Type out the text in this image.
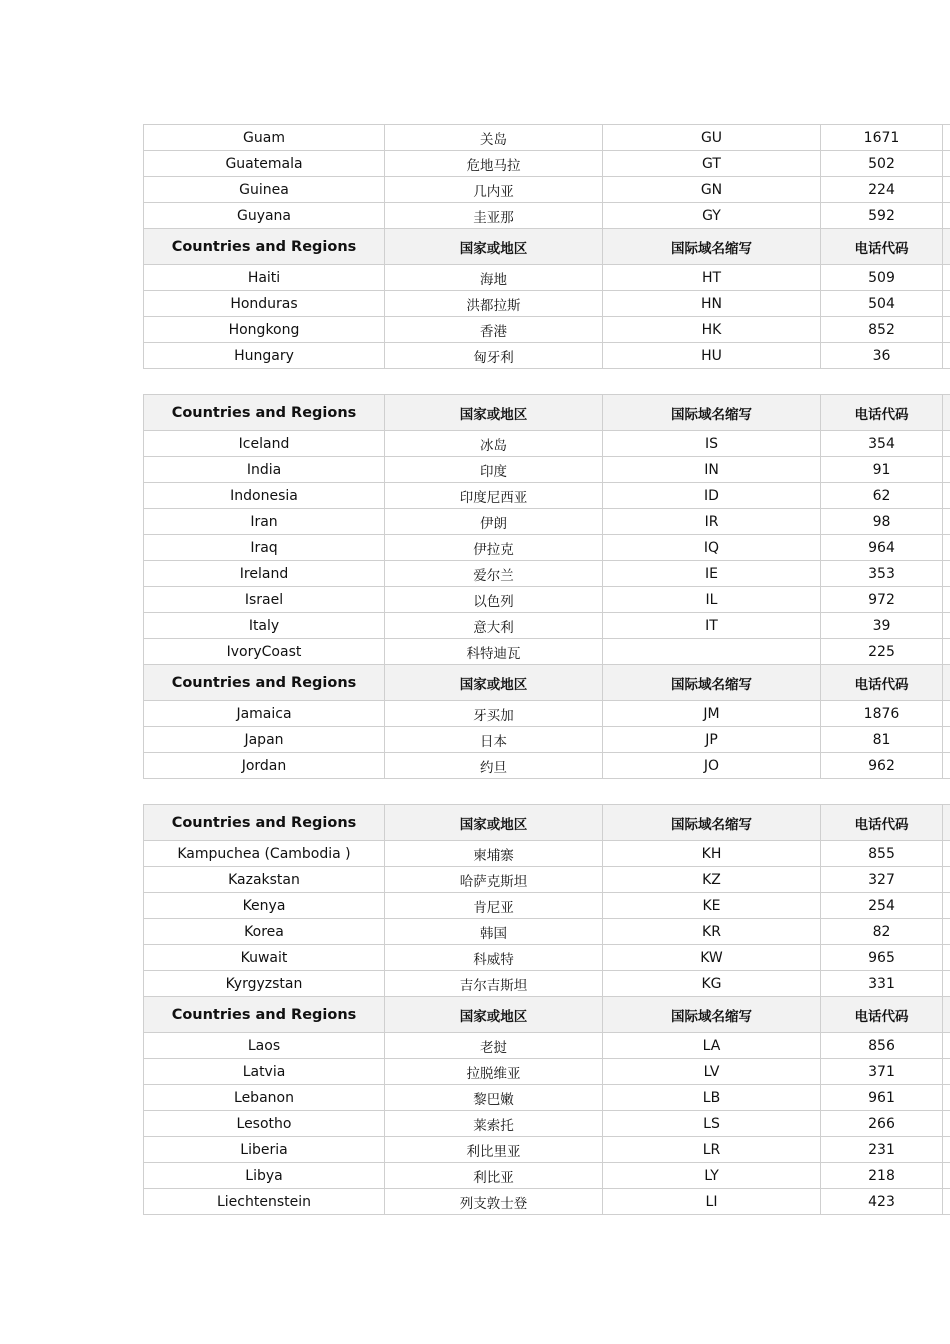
Guam	关岛	GU	1671	
Guatemala	危地马拉	GT	502	
Guinea	几内亚	GN	224	
Guyana	圭亚那	GY	592	
Countries and Regions	国家或地区	国际域名缩写	电话代码	
Haiti	海地	HT	509	
Honduras	洪都拉斯	HN	504	
Hongkong	香港	HK	852	
Hungary	匈牙利	HU	36	

Countries and Regions	国家或地区	国际域名缩写	电话代码	
Iceland	冰岛	IS	354	
India	印度	IN	91	
Indonesia	印度尼西亚	ID	62	
Iran	伊朗	IR	98	
Iraq	伊拉克	IQ	964	
Ireland	爱尔兰	IE	353	
Israel	以色列	IL	972	
Italy	意大利	IT	39	
IvoryCoast	科特迪瓦		225	
Countries and Regions	国家或地区	国际域名缩写	电话代码	
Jamaica	牙买加	JM	1876	
Japan	日本	JP	81	
Jordan	约旦	JO	962	

Countries and Regions	国家或地区	国际域名缩写	电话代码	
Kampuchea (Cambodia )	柬埔寨	KH	855	
Kazakstan	哈萨克斯坦	KZ	327	
Kenya	肯尼亚	KE	254	
Korea	韩国	KR	82	
Kuwait	科威特	KW	965	
Kyrgyzstan	吉尔吉斯坦	KG	331	
Countries and Regions	国家或地区	国际域名缩写	电话代码	
Laos	老挝	LA	856	
Latvia	拉脱维亚	LV	371	
Lebanon	黎巴嫩	LB	961	
Lesotho	莱索托	LS	266	
Liberia	利比里亚	LR	231	
Libya	利比亚	LY	218	
Liechtenstein	列支敦士登	LI	423	
